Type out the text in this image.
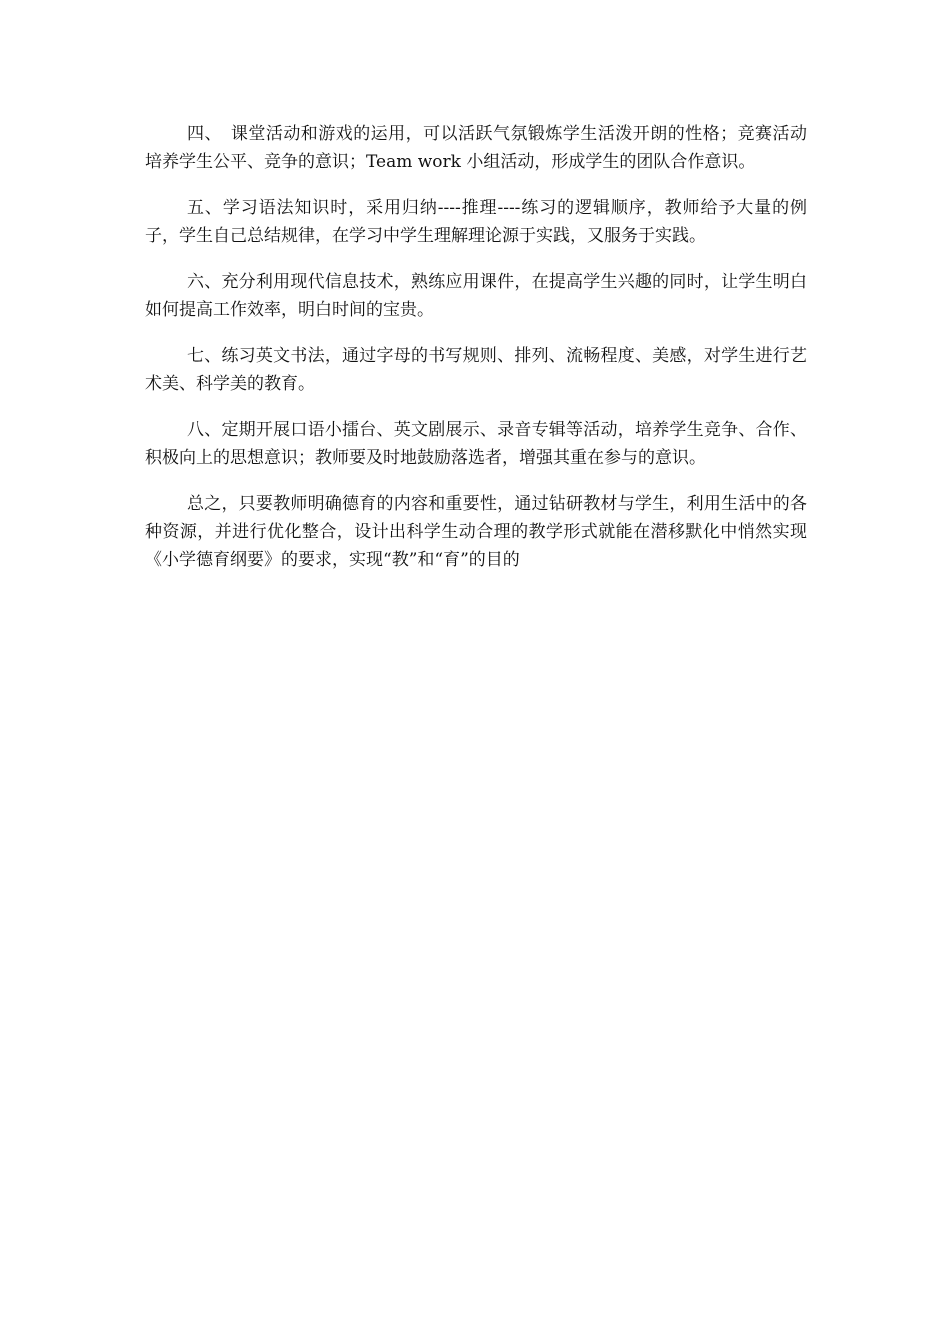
四、　课堂活动和游戏的运用，可以活跃气氛锻炼学生活泼开朗的性格；竞赛活动培养学生公平、竞争的意识；Team work 小组活动，形成学生的团队合作意识。

五、学习语法知识时，采用归纳----推理----练习的逻辑顺序，教师给予大量的例子，学生自己总结规律，在学习中学生理解理论源于实践，又服务于实践。

六、充分利用现代信息技术，熟练应用课件，在提高学生兴趣的同时，让学生明白如何提高工作效率，明白时间的宝贵。

七、练习英文书法，通过字母的书写规则、排列、流畅程度、美感，对学生进行艺术美、科学美的教育。

八、定期开展口语小擂台、英文剧展示、录音专辑等活动，培养学生竞争、合作、积极向上的思想意识；教师要及时地鼓励落选者，增强其重在参与的意识。

总之，只要教师明确德育的内容和重要性，通过钻研教材与学生，利用生活中的各种资源，并进行优化整合，设计出科学生动合理的教学形式就能在潜移默化中悄然实现《小学德育纲要》的要求，实现“教”和“育”的目的
